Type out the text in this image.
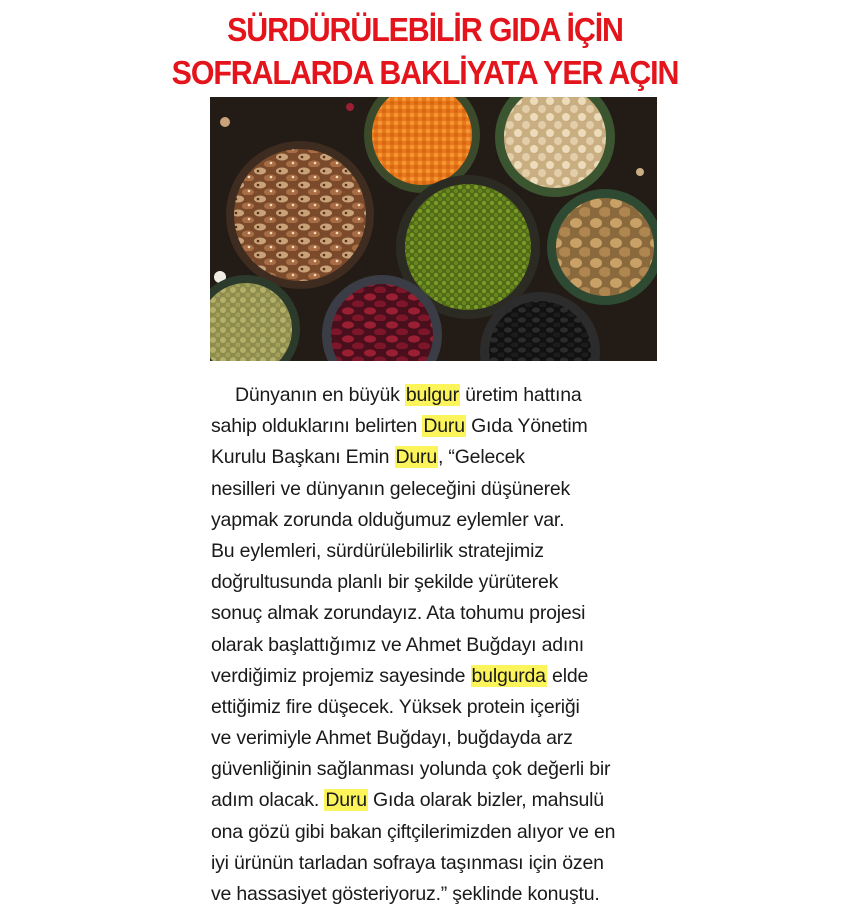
SÜRDÜRÜLEBİLİR GIDA İÇİN
SOFRALARDA BAKLİYATA YER AÇIN
Dünyanın en büyük bulgur üretim hattına
sahip olduklarını belirten Duru Gıda Yönetim
Kurulu Başkanı Emin Duru, “Gelecek
nesilleri ve dünyanın geleceğini düşünerek
yapmak zorunda olduğumuz eylemler var.
Bu eylemleri, sürdürülebilirlik stratejimiz
doğrultusunda planlı bir şekilde yürüterek
sonuç almak zorundayız. Ata tohumu projesi
olarak başlattığımız ve Ahmet Buğdayı adını
verdiğimiz projemiz sayesinde bulgurda elde
ettiğimiz fire düşecek. Yüksek protein içeriği
ve verimiyle Ahmet Buğdayı, buğdayda arz
güvenliğinin sağlanması yolunda çok değerli bir
adım olacak. Duru Gıda olarak bizler, mahsulü
ona gözü gibi bakan çiftçilerimizden alıyor ve en
iyi ürünün tarladan sofraya taşınması için özen
ve hassasiyet gösteriyoruz.” şeklinde konuştu.
